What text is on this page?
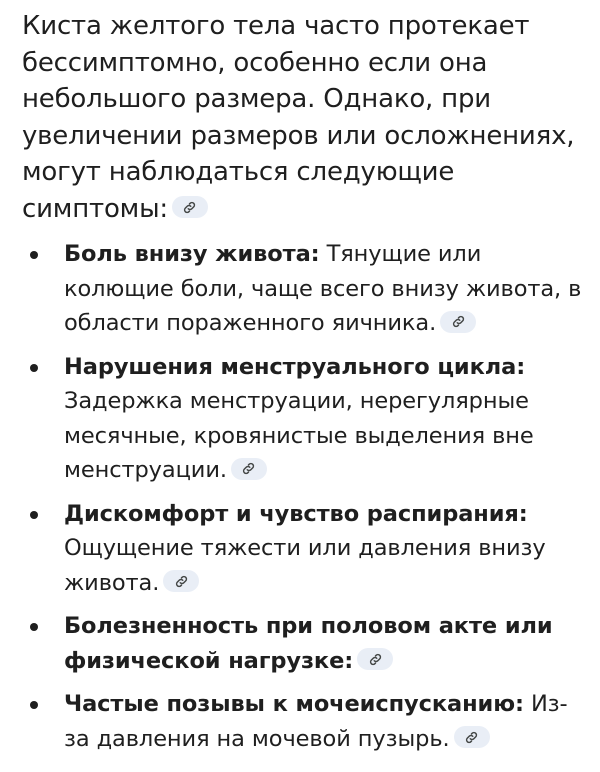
Киста желтого тела часто протекает бессимптомно, особенно если она небольшого размера. Однако, при увеличении размеров или осложнениях, могут наблюдаться следующие симптомы:

Боль внизу живота: Тянущие или колющие боли, чаще всего внизу живота, в области пораженного яичника.
Нарушения менструального цикла: Задержка менструации, нерегулярные месячные, кровянистые выделения вне менструации.
Дискомфорт и чувство распирания: Ощущение тяжести или давления внизу живота.
Болезненность при половом акте или физической нагрузке:
Частые позывы к мочеиспусканию: Из-за давления на мочевой пузырь.
